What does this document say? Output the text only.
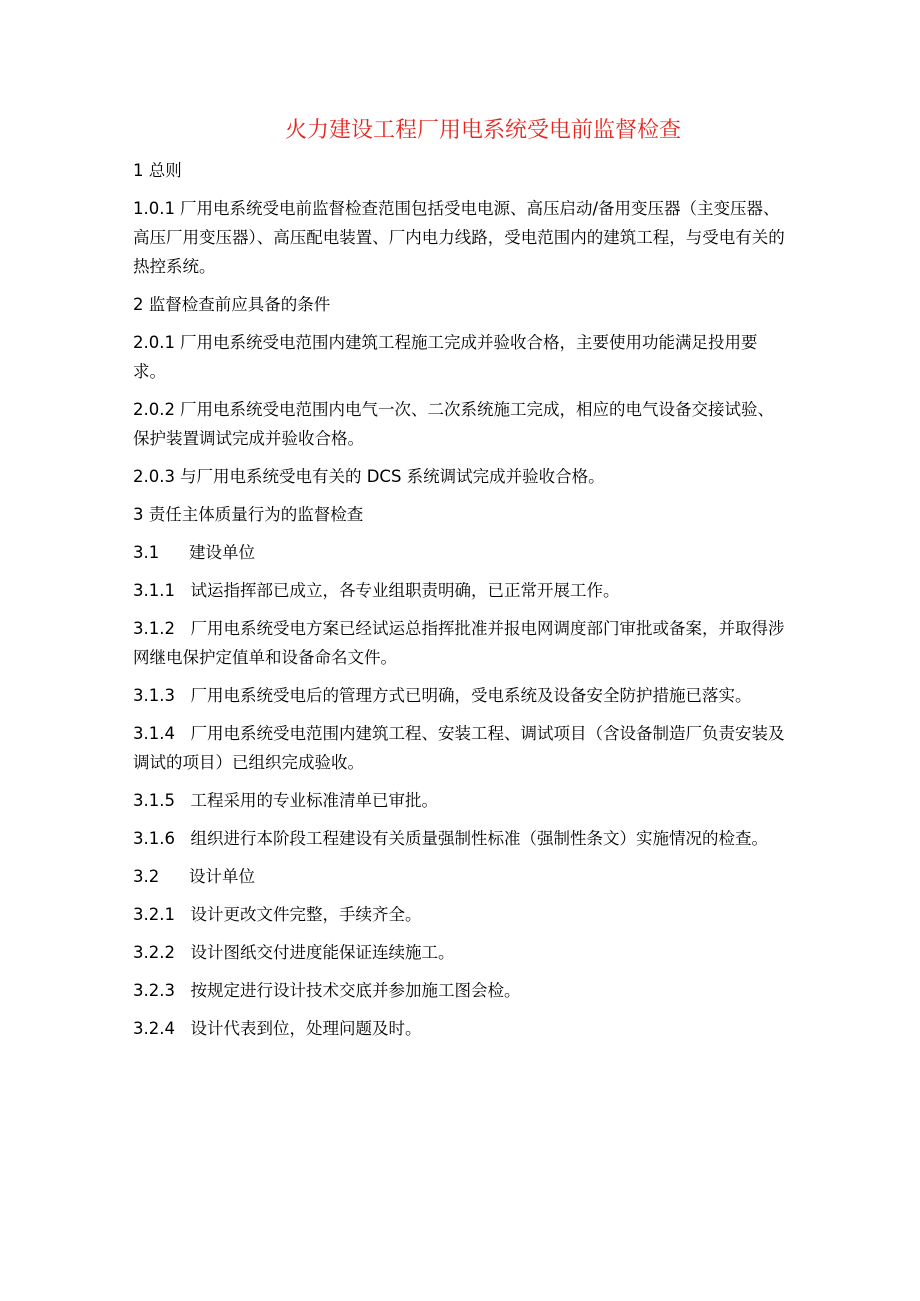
火力建设工程厂用电系统受电前监督检查
1 总则
1.0.1 厂用电系统受电前监督检查范围包括受电电源、高压启动/备用变压器（主变压器、高压厂用变压器）、高压配电装置、厂内电力线路，受电范围内的建筑工程，与受电有关的热控系统。
2 监督检查前应具备的条件
2.0.1 厂用电系统受电范围内建筑工程施工完成并验收合格，主要使用功能满足投用要求。
2.0.2 厂用电系统受电范围内电气一次、二次系统施工完成，相应的电气设备交接试验、保护装置调试完成并验收合格。
2.0.3 与厂用电系统受电有关的 DCS 系统调试完成并验收合格。
3 责任主体质量行为的监督检查
3.1	建设单位
3.1.1 试运指挥部已成立，各专业组职责明确，已正常开展工作。
3.1.2 厂用电系统受电方案已经试运总指挥批准并报电网调度部门审批或备案，并取得涉网继电保护定值单和设备命名文件。
3.1.3 厂用电系统受电后的管理方式已明确，受电系统及设备安全防护措施已落实。
3.1.4 厂用电系统受电范围内建筑工程、安装工程、调试项目（含设备制造厂负责安装及调试的项目）已组织完成验收。
3.1.5 工程采用的专业标准清单已审批。
3.1.6 组织进行本阶段工程建设有关质量强制性标准（强制性条文）实施情况的检查。
3.2	设计单位
3.2.1 设计更改文件完整，手续齐全。
3.2.2 设计图纸交付进度能保证连续施工。
3.2.3 按规定进行设计技术交底并参加施工图会检。
3.2.4 设计代表到位，处理问题及时。
